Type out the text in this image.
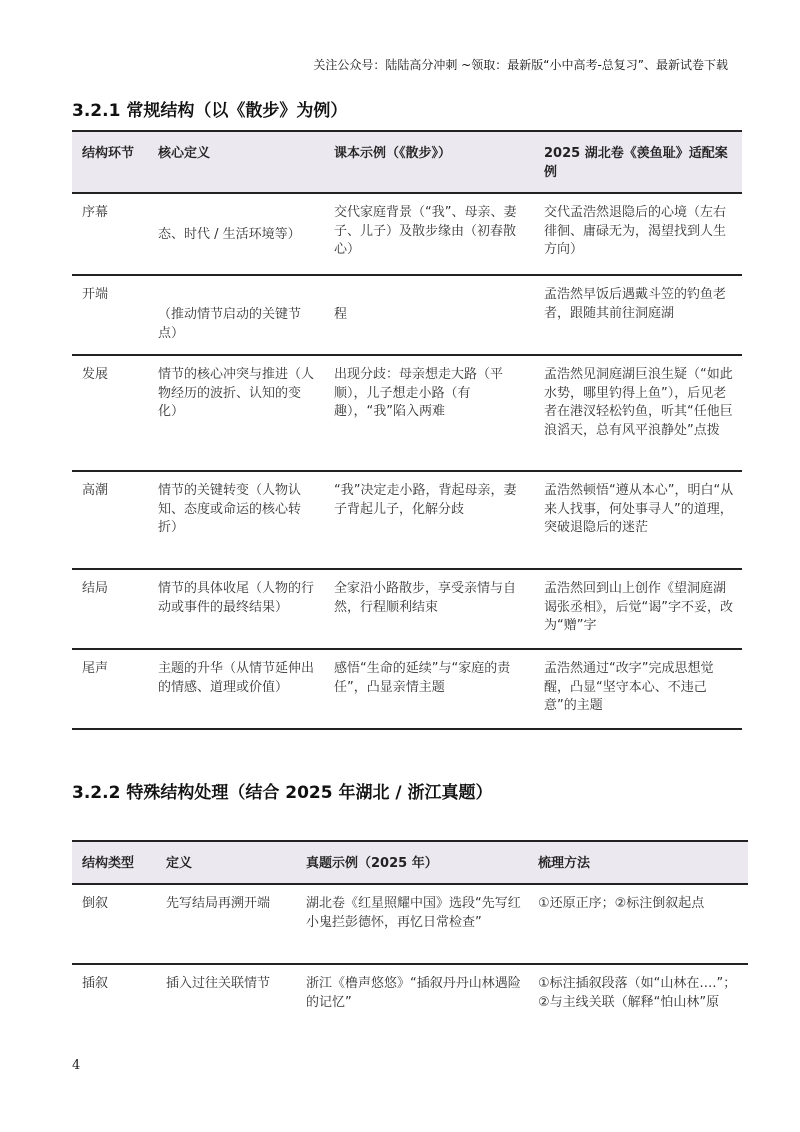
关注公众号：陆陆高分冲刺 ~领取：最新版“小中高考-总复习”、最新试卷下载
3.2.1 常规结构（以《散步》为例）
结构环节	核心定义	课本示例（《散步》）	2025 湖北卷《羡鱼耻》适配案例
序幕	态、时代 / 生活环境等）	交代家庭背景（“我”、母亲、妻子、儿子）及散步缘由（初春散心）	交代孟浩然退隐后的心境（左右徘徊、庸碌无为，渴望找到人生方向）
开端	（推动情节启动的关键节点）	程	孟浩然早饭后遇戴斗笠的钓鱼老者，跟随其前往洞庭湖
发展	情节的核心冲突与推进（人物经历的波折、认知的变化）	出现分歧：母亲想走大路（平顺），儿子想走小路（有趣），“我”陷入两难	孟浩然见洞庭湖巨浪生疑（“如此水势，哪里钓得上鱼”），后见老者在港汊轻松钓鱼，听其“任他巨浪滔天，总有风平浪静处”点拨
高潮	情节的关键转变（人物认知、态度或命运的核心转折）	“我”决定走小路，背起母亲，妻子背起儿子，化解分歧	孟浩然顿悟“遵从本心”，明白“从来人找事，何处事寻人”的道理，突破退隐后的迷茫
结局	情节的具体收尾（人物的行动或事件的最终结果）	全家沿小路散步，享受亲情与自然，行程顺利结束	孟浩然回到山上创作《望洞庭湖谒张丞相》，后觉“谒”字不妥，改为“赠”字
尾声	主题的升华（从情节延伸出的情感、道理或价值）	感悟“生命的延续”与“家庭的责任”，凸显亲情主题	孟浩然通过“改字”完成思想觉醒，凸显“坚守本心、不违己意”的主题
3.2.2 特殊结构处理（结合 2025 年湖北 / 浙江真题）
结构类型	定义	真题示例（2025 年）	梳理方法
倒叙	先写结局再溯开端	湖北卷《红星照耀中国》选段“先写红小鬼拦彭德怀，再忆日常检查”	①还原正序；②标注倒叙起点
插叙	插入过往关联情节	浙江《橹声悠悠》“插叙丹丹山林遇险的记忆”	①标注插叙段落（如“山林在….”；②与主线关联（解释“怕山林”原
4
